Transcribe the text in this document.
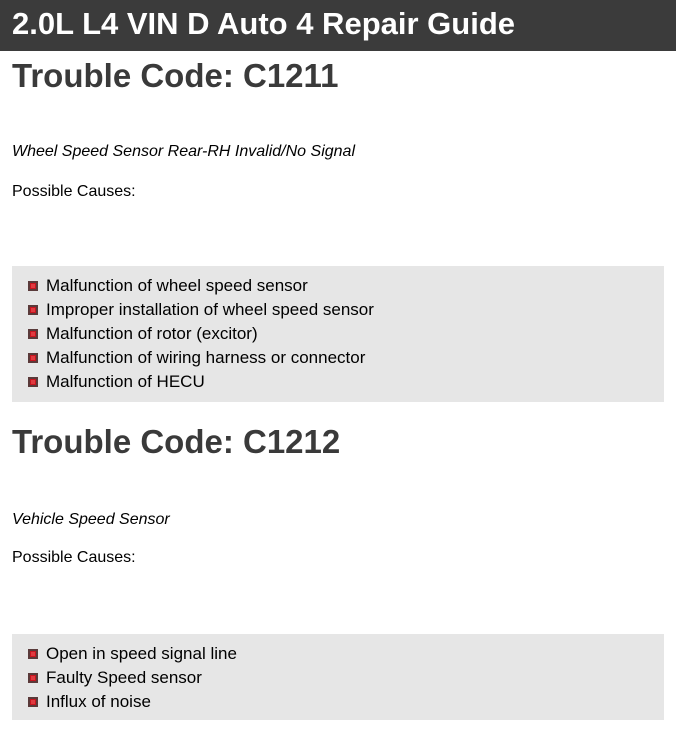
2.0L L4 VIN D Auto 4 Repair Guide
Trouble Code: C1211

Wheel Speed Sensor Rear-RH Invalid/No Signal

Possible Causes:

Malfunction of wheel speed sensor
Improper installation of wheel speed sensor
Malfunction of rotor (excitor)
Malfunction of wiring harness or connector
Malfunction of HECU
Trouble Code: C1212

Vehicle Speed Sensor

Possible Causes:

Open in speed signal line
Faulty Speed sensor
Influx of noise
